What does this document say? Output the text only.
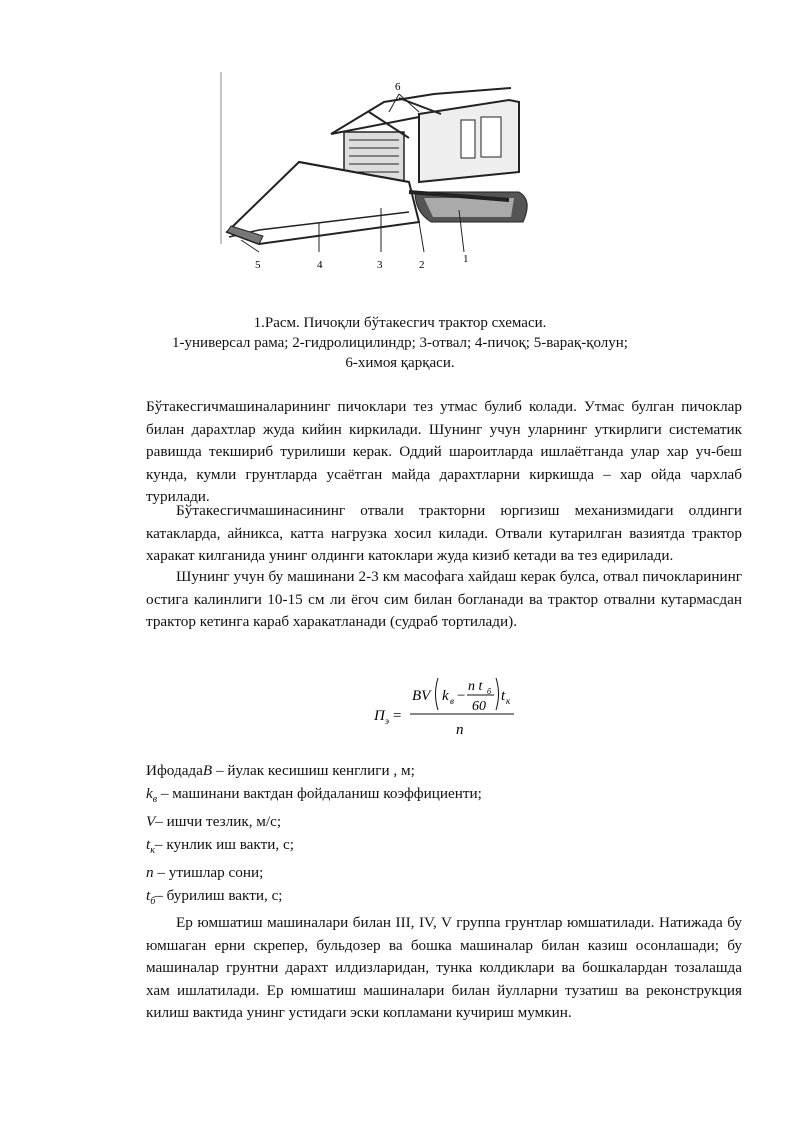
5	4	3	2	1
6
1.Расм. Пичоқли бўтакесгич трактор схемаси.
1-универсал рама; 2-гидролицилиндр; 3-отвал; 4-пичоқ; 5-варақ-қолун;
6-химоя қарқаси.
Бўтакесгичмашиналарининг пичоклари тез утмас булиб колади. Утмас булган пичоклар билан дарахтлар жуда кийин киркилади. Шунинг учун уларнинг уткирлиги систематик равишда текшириб турилиши керак. Оддий шароитларда ишлаётганда улар хар уч-беш кунда, кумли грунтларда усаётган майда дарахтларни киркишда – хар ойда чархлаб турилади.
Бўтакесгичмашинасининг отвали тракторни юргизиш механизмидаги олдинги катакларда, айникса, катта нагрузка хосил килади. Отвали кутарилган вазиятда трактор харакат килганида унинг олдинги катоклари жуда кизиб кетади ва тез едирилади.
Шунинг учун бу машинани 2-3 км масофага хайдаш керак булса, отвал пичокларининг остига калинлиги 10-15 см ли ёгоч сим билан богланади ва трактор отвални кутармасдан трактор кетинга караб харакатланади (судраб тортилади).
П э =
BV k в −
n t б
60
t к
n
ИфодадаB – йулак кесишиш кенглиги , м;
$k_в$ – машинани вактдан фойдаланиш коэффициенти;
V– ишчи тезлик, м/с;
$t_к-$ кунлик иш вакти, с;
n – утишлар сони;
$t_б-$ бурилиш вакти, с;
Ер юмшатиш машиналари билан III, IV, V группа грунтлар юмшатилади. Натижада бу юмшаган ерни скрепер, бульдозер ва бошка машиналар билан казиш осонлашади; бу машиналар грунтни дарахт илдизларидан, тунка колдиклари ва бошкалардан тозалашда хам ишлатилади. Ер юмшатиш машиналари билан йулларни тузатиш ва реконструкция килиш вактида унинг устидаги эски копламани кучириш мумкин.
